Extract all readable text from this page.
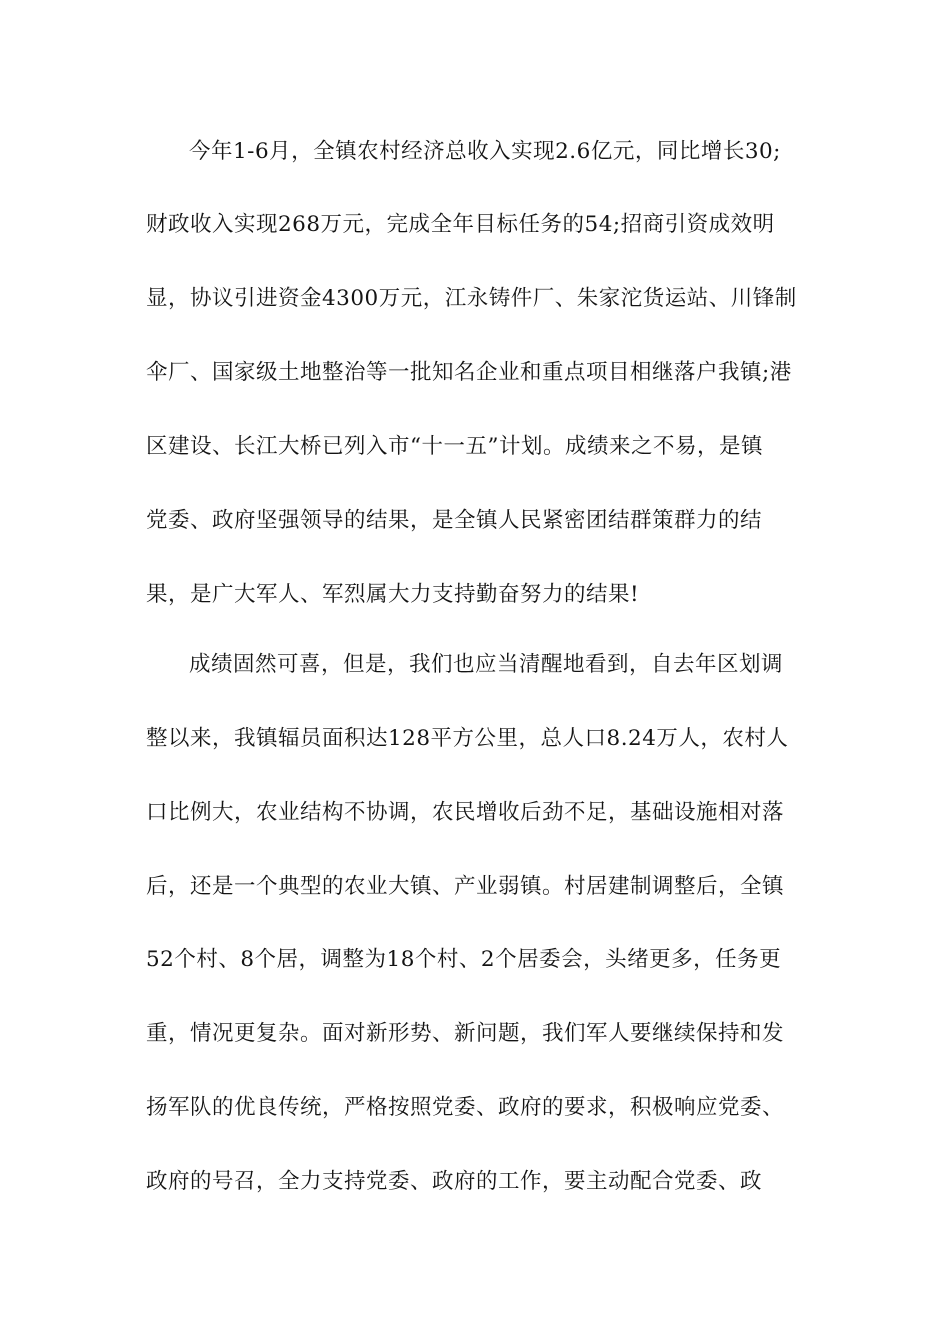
今年1-6月，全镇农村经济总收入实现2.6亿元，同比增长30;
财政收入实现268万元，完成全年目标任务的54;招商引资成效明
显，协议引进资金4300万元，江永铸件厂、朱家沱货运站、川锋制
伞厂、国家级土地整治等一批知名企业和重点项目相继落户我镇;港
区建设、长江大桥已列入市“十一五”计划。成绩来之不易，是镇
党委、政府坚强领导的结果，是全镇人民紧密团结群策群力的结
果，是广大军人、军烈属大力支持勤奋努力的结果!
成绩固然可喜，但是，我们也应当清醒地看到，自去年区划调
整以来，我镇辐员面积达128平方公里，总人口8.24万人，农村人
口比例大，农业结构不协调，农民增收后劲不足，基础设施相对落
后，还是一个典型的农业大镇、产业弱镇。村居建制调整后，全镇
52个村、8个居，调整为18个村、2个居委会，头绪更多，任务更
重，情况更复杂。面对新形势、新问题，我们军人要继续保持和发
扬军队的优良传统，严格按照党委、政府的要求，积极响应党委、
政府的号召，全力支持党委、政府的工作，要主动配合党委、政
